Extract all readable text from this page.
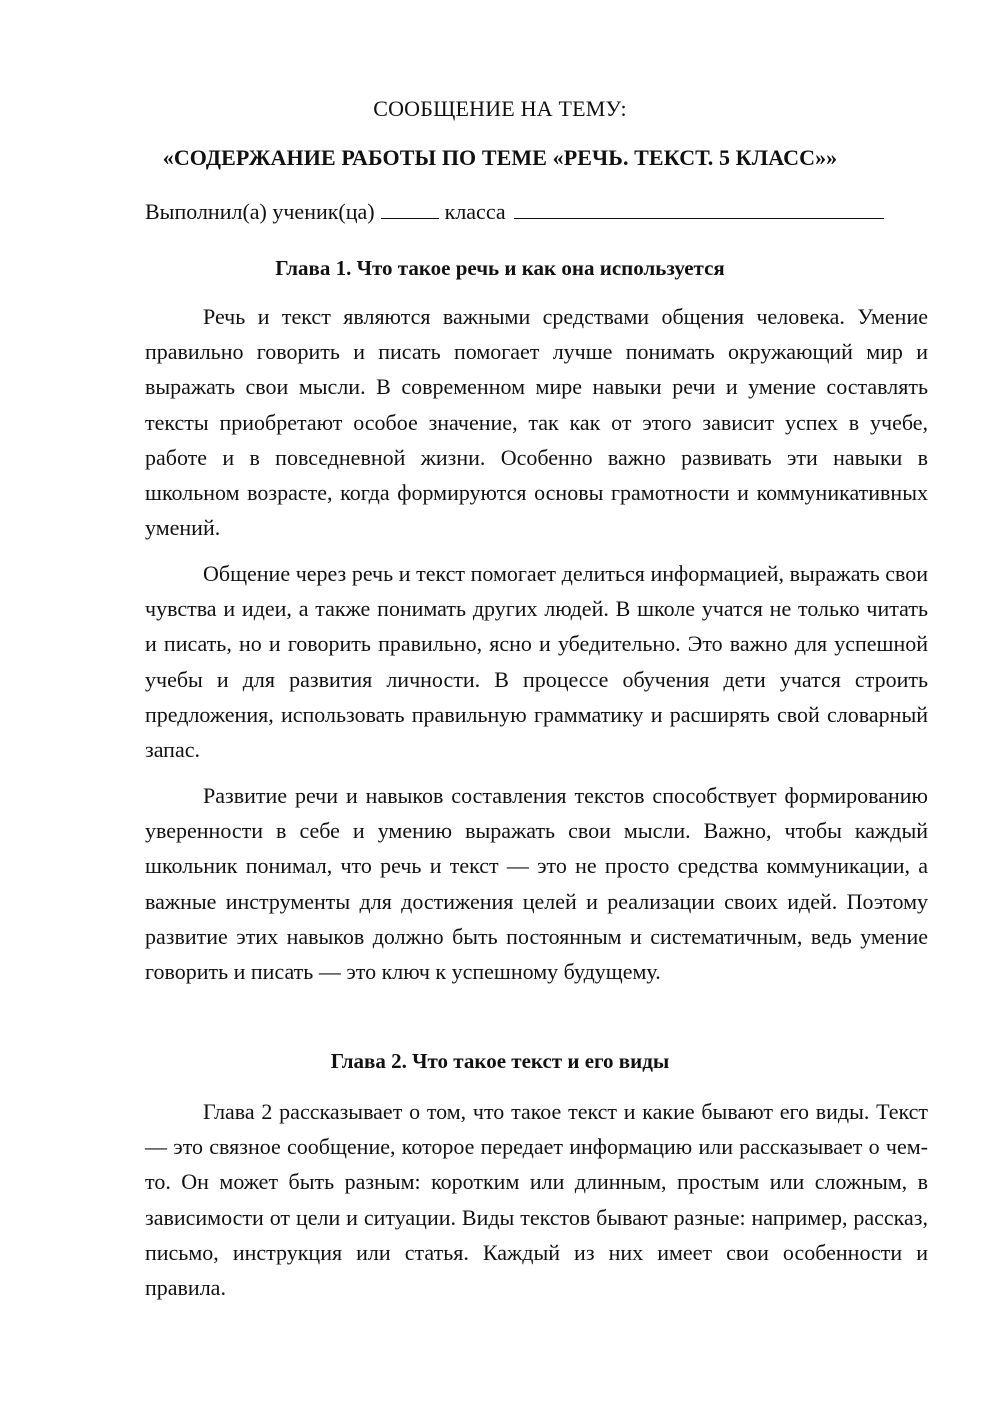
СООБЩЕНИЕ НА ТЕМУ:
«СОДЕРЖАНИЕ РАБОТЫ ПО ТЕМЕ «РЕЧЬ. ТЕКСТ. 5 КЛАСС»»
Выполнил(а) ученик(ца)	класса
Глава 1. Что такое речь и как она используется

Речь и текст являются важными средствами общения человека. Умение правильно говорить и писать помогает лучше понимать окружающий мир и выражать свои мысли. В современном мире навыки речи и умение составлять тексты приобретают особое значение, так как от этого зависит успех в учебе, работе и в повседневной жизни. Особенно важно развивать эти навыки в школьном возрасте, когда формируются основы грамотности и коммуникативных умений.

Общение через речь и текст помогает делиться информацией, выражать свои чувства и идеи, а также понимать других людей. В школе учатся не только читать и писать, но и говорить правильно, ясно и убедительно. Это важно для успешной учебы и для развития личности. В процессе обучения дети учатся строить предложения, использовать правильную грамматику и расширять свой словарный запас.

Развитие речи и навыков составления текстов способствует формированию уверенности в себе и умению выражать свои мысли. Важно, чтобы каждый школьник понимал, что речь и текст — это не просто средства коммуникации, а важные инструменты для достижения целей и реализации своих идей. Поэтому развитие этих навыков должно быть постоянным и систематичным, ведь умение говорить и писать — это ключ к успешному будущему.

Глава 2. Что такое текст и его виды

Глава 2 рассказывает о том, что такое текст и какие бывают его виды. Текст — это связное сообщение, которое передает информацию или рассказывает о чем-то. Он может быть разным: коротким или длинным, простым или сложным, в зависимости от цели и ситуации. Виды текстов бывают разные: например, рассказ, письмо, инструкция или статья. Каждый из них имеет свои особенности и правила.
